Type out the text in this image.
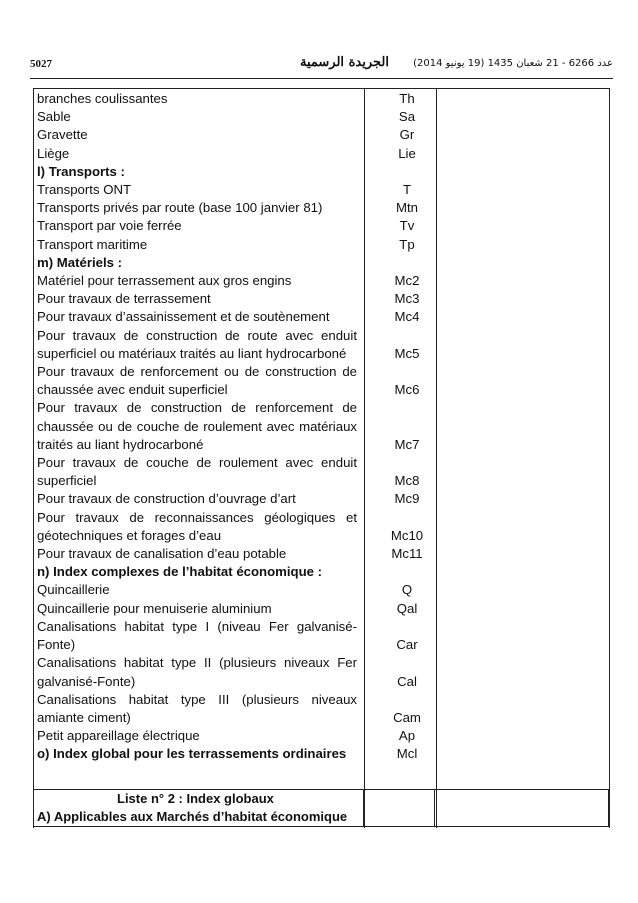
5027	الجريدة الرسمية عدد 6266 - 21 شعبان 1435 (19 يونيو 2014)
branches coulissantes	Th
Sable	Sa
Gravette	Gr
Liège	Lie
l) Transports :
Transports ONT	T
Transports privés par route (base 100 janvier 81)	Mtn
Transport par voie ferrée	Tv
Transport maritime	Tp
m) Matériels :
Matériel pour terrassement aux gros engins	Mc2
Pour travaux de terrassement	Mc3
Pour travaux d’assainissement et de soutènement	Mc4
Pour travaux de construction de route avec enduit superficiel ou matériaux traités au liant hydrocarboné	Mc5
Pour travaux de renforcement ou de construction de chaussée avec enduit superficiel	Mc6
Pour travaux de construction de renforcement de chaussée ou de couche de roulement avec matériaux traités au liant hydrocarboné	Mc7
Pour travaux de couche de roulement avec enduit superficiel	Mc8
Pour travaux de construction d’ouvrage d’art	Mc9
Pour travaux de reconnaissances géologiques et géotechniques et forages d’eau	Mc10
Pour travaux de canalisation d’eau potable	Mc11
n) Index complexes de l’habitat économique :
Quincaillerie	Q
Quincaillerie pour menuiserie aluminium	Qal
Canalisations habitat type I (niveau Fer galvanisé-Fonte)	Car
Canalisations habitat type II (plusieurs niveaux Fer galvanisé-Fonte)	Cal
Canalisations habitat type III (plusieurs niveaux amiante ciment)	Cam
Petit appareillage électrique	Ap
o) Index global pour les terrassements ordinaires	Mcl
Liste n° 2 : Index globaux
A) Applicables aux Marchés d’habitat économique
